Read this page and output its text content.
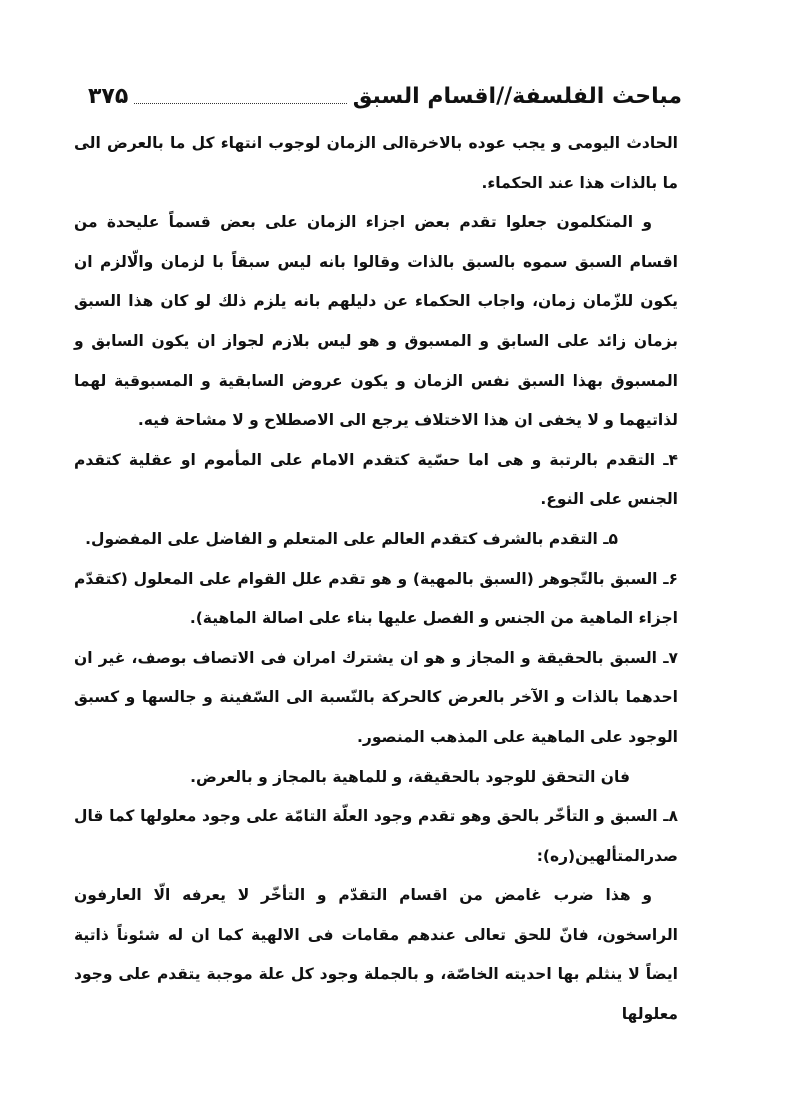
مباحث الفلسفة//اقسام السبق
۳۷۵

الحادث اليومى و يجب عوده بالاخرةالى الزمان لوجوب انتهاء كل ما بالعرض الى ما بالذات هذا عند الحكماء.

و المتكلمون جعلوا تقدم بعض اجزاء الزمان على بعض قسماً عليحدة من اقسام السبق سموه بالسبق بالذات وقالوا بانه ليس سبقاً با لزمان والّالزم ان يكون للزّمان زمان، واجاب الحكماء عن دليلهم بانه يلزم ذلك لو كان هذا السبق بزمان زائد على السابق و المسبوق و هو ليس بلازم لجواز ان يكون السابق و المسبوق بهذا السبق نفس الزمان و يكون عروض السابقية و المسبوقية لهما لذاتيهما و لا يخفى ان هذا الاختلاف يرجع الى الاصطلاح و لا مشاحة فيه.

۴ـ التقدم بالرتبة و هى اما حسّية كتقدم الامام على المأموم او عقلية كتقدم الجنس على النوع.

۵ـ التقدم بالشرف كتقدم العالم على المتعلم و الفاضل على المفضول.

۶ـ السبق بالتّجوهر (السبق بالمهية) و هو تقدم علل القوام على المعلول (كتقدّم اجزاء الماهية من الجنس و الفصل عليها بناء على اصالة الماهية).

۷ـ السبق بالحقيقة و المجاز و هو ان يشترك امران فى الاتصاف بوصف، غير ان احدهما بالذات و الآخر بالعرض كالحركة بالنّسبة الى السّفينة و جالسها و كسبق الوجود على الماهية على المذهب المنصور.

فان التحقق للوجود بالحقيقة، و للماهية بالمجاز و بالعرض.

۸ـ السبق و التأخّر بالحق وهو تقدم وجود العلّة التامّة على وجود معلولها كما قال صدرالمتألهين(ره):

و هذا ضرب غامض من اقسام التقدّم و التأخّر لا يعرفه الّا العارفون الراسخون، فانّ للحق تعالى عندهم مقامات فى الالهية كما ان له شئوناً ذاتية ايضاً لا ينثلم بها احديته الخاصّة، و بالجملة وجود كل علة موجبة يتقدم على وجود معلولها
